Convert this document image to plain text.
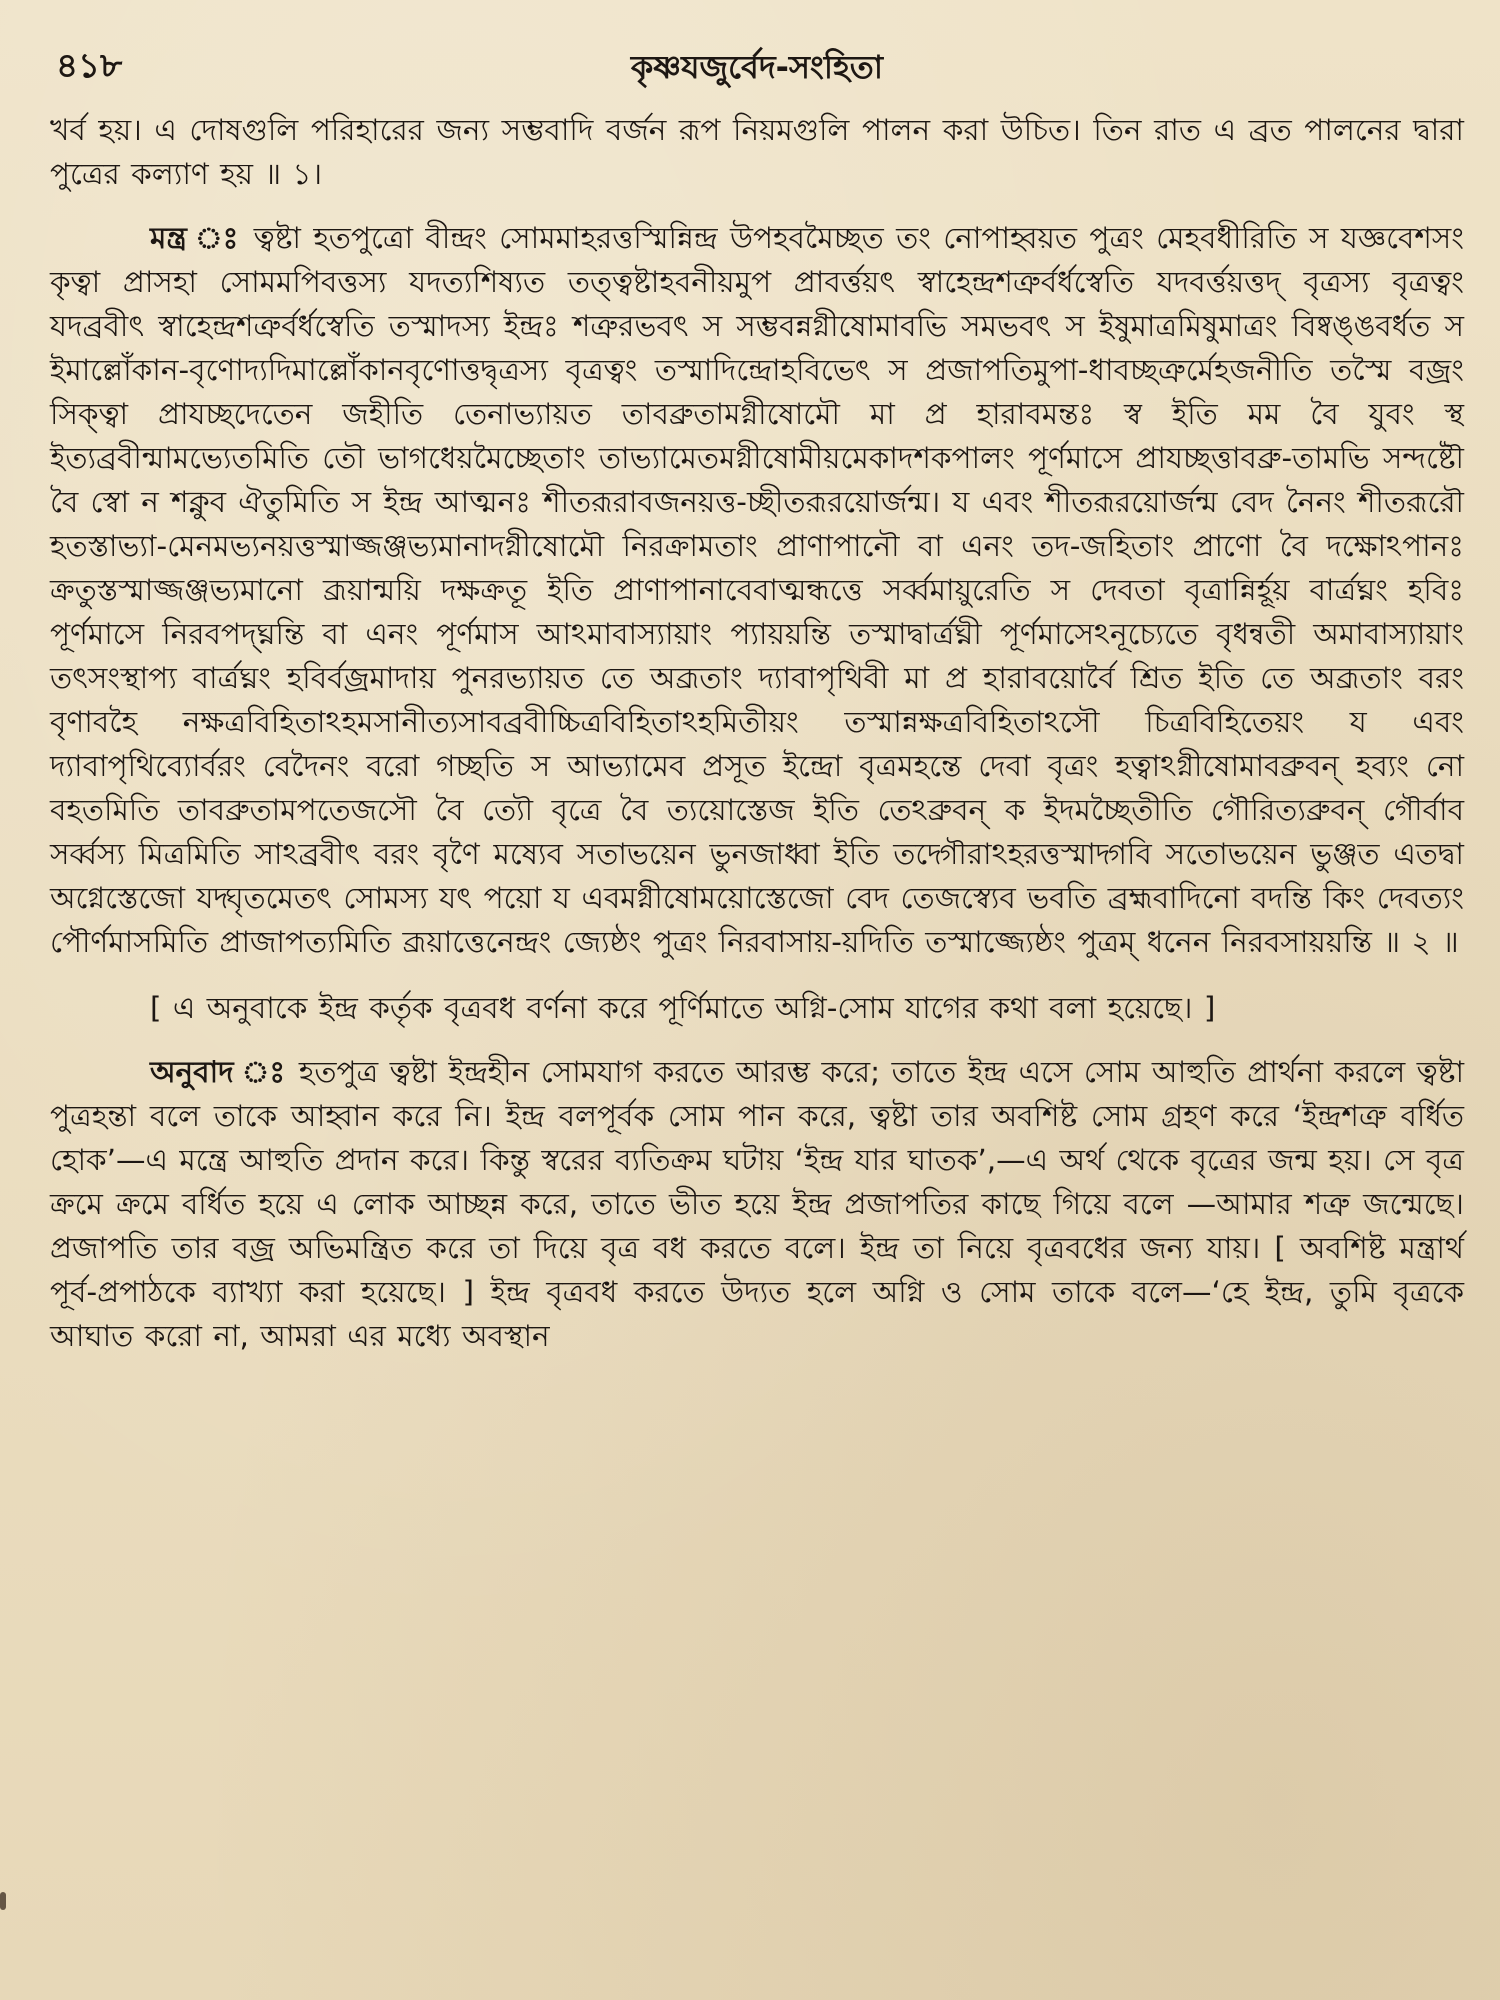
৪১৮	কৃষ্ণযজুর্বেদ-সংহিতা

খর্ব হয়। এ দোষগুলি পরিহারের জন্য সম্ভবাদি বর্জন রূপ নিয়মগুলি পালন করা উচিত। তিন রাত এ ব্রত পালনের দ্বারা পুত্রের কল্যাণ হয় ॥ ১।

মন্ত্র ঃ ত্বষ্টা হতপুত্রো বীন্দ্রং সোমমাহরত্তস্মিন্নিন্দ্র উপহবমৈচ্ছত তং নোপাহ্বয়ত পুত্রং মেহবধীরিতি স যজ্ঞবেশসং কৃত্বা প্রাসহা সোমমপিবত্তস্য যদত্যশিষ্যত তত্ত্বষ্টাহবনীয়মুপ প্রাবর্ত্তয়ৎ স্বাহেন্দ্রশত্রুর্বর্ধস্বেতি যদবর্ত্তয়ত্তদ্ বৃত্রস্য বৃত্রত্বং যদব্রবীৎ স্বাহেন্দ্রশত্রুর্বর্ধস্বেতি তস্মাদস্য ইন্দ্রঃ শত্রুরভবৎ স সম্ভবন্নগ্নীষোমাবভি সমভবৎ স ইষুমাত্রমিষুমাত্রং বিষ্বঙ্ঙবর্ধত স ইমাল্লোঁকান-বৃণোদ্যদিমাল্লোঁকানবৃণোত্তদ্বৃত্রস্য বৃত্রত্বং তস্মাদিন্দ্রোহবিভেৎ স প্রজাপতিমুপা-ধাবচ্ছত্রুর্মেহজনীতি তস্মৈ বজ্রং সিক্ত্বা প্রাযচ্ছদেতেন জহীতি তেনাভ্যায়ত তাবব্রুতামগ্নীষোমৌ মা প্র হারাবমন্তঃ স্ব ইতি মম বৈ যুবং স্থ ইত্যব্রবীন্মামভ্যেতমিতি তৌ ভাগধেয়মৈচ্ছেতাং তাভ্যামেতমগ্নীষোমীয়মেকাদশকপালং পূর্ণমাসে প্রাযচ্ছত্তাবব্রু-তামভি সন্দষ্টৌ বৈ স্বো ন শক্নুব ঐতুমিতি স ইন্দ্র আত্মনঃ শীতরূরাবজনয়ত্ত-চ্ছীতরূরয়োর্জন্ম। য এবং শীতরূরয়োর্জন্ম বেদ নৈনং শীতরূরৌ হতস্তাভ্যা-মেনমভ্যনয়ত্তস্মাজ্জঞ্জভ্যমানাদগ্নীষোমৌ নিরক্রামতাং প্রাণাপানৌ বা এনং তদ-জহিতাং প্রাণো বৈ দক্ষোঽপানঃ ক্রতুস্তস্মাজ্জঞ্জভ্যমানো ব্রূয়ান্ময়ি দক্ষক্রতূ ইতি প্রাণাপানাবেবাত্মন্ধত্তে সর্ব্বমায়ুরেতি স দেবতা বৃত্রান্নির্হূয় বার্ত্রঘ্নং হবিঃ পূর্ণমাসে নিরবপদ্ঘ্নন্তি বা এনং পূর্ণমাস আঽমাবাস্যায়াং প্যায়য়ন্তি তস্মাদ্বার্ত্রঘ্নী পূর্ণমাসেঽনূচ্যেতে বৃধন্বতী অমাবাস্যায়াং তৎসংস্থাপ্য বার্ত্রঘ্নং হবির্বজ্রমাদায় পুনরভ্যায়ত তে অব্রূতাং দ্যাবাপৃথিবী মা প্র হারাবয়োর্বৈ শ্রিত ইতি তে অব্রূতাং বরং বৃণাবহৈ নক্ষত্রবিহিতাঽহমসানীত্যসাবব্রবীচ্চিত্রবিহিতাঽহমিতীয়ং তস্মান্নক্ষত্রবিহিতাঽসৌ চিত্রবিহিতেয়ং য এবং দ্যাবাপৃথিব্যোর্বরং বেদৈনং বরো গচ্ছতি স আভ্যামেব প্রসূত ইন্দ্রো বৃত্রমহন্তে দেবা বৃত্রং হত্বাঽগ্নীষোমাবব্রুবন্ হব্যং নো বহতমিতি তাবব্রুতামপতেজসৌ বৈ ত্যৌ বৃত্রে বৈ ত্যয়োস্তেজ ইতি তেঽব্রুবন্ ক ইদমচ্ছৈতীতি গৌরিত্যব্রুবন্ গৌর্বাব সর্ব্বস্য মিত্রমিতি সাঽব্রবীৎ বরং বৃণৈ মষ্যেব সতাভয়েন ভুনজাধ্বা ইতি তদ্গৌরাঽহরত্তস্মাদ্গবি সতোভয়েন ভুঞ্জত এতদ্বা অগ্নেস্তেজো যদ্ঘৃতমেতৎ সোমস্য যৎ পয়ো য এবমগ্নীষোময়োস্তেজো বেদ তেজস্ব্যেব ভবতি ব্রহ্মবাদিনো বদন্তি কিং দেবত্যং পৌর্ণমাসমিতি প্রাজাপত্যমিতি ব্রূয়াত্তেনেন্দ্রং জ্যেষ্ঠং পুত্রং নিরবাসায়-য়দিতি তস্মাজ্জ্যেষ্ঠং পুত্রম্ ধনেন নিরবসায়য়ন্তি ॥ ২ ॥

[ এ অনুবাকে ইন্দ্র কর্তৃক বৃত্রবধ বর্ণনা করে পূর্ণিমাতে অগ্নি-সোম যাগের কথা বলা হয়েছে। ]

অনুবাদ ঃ হতপুত্র ত্বষ্টা ইন্দ্রহীন সোমযাগ করতে আরম্ভ করে; তাতে ইন্দ্র এসে সোম আহুতি প্রার্থনা করলে ত্বষ্টা পুত্রহন্তা বলে তাকে আহ্বান করে নি। ইন্দ্র বলপূর্বক সোম পান করে, ত্বষ্টা তার অবশিষ্ট সোম গ্রহণ করে ‘ইন্দ্রশত্রু বর্ধিত হোক’—এ মন্ত্রে আহুতি প্রদান করে। কিন্তু স্বরের ব্যতিক্রম ঘটায় ‘ইন্দ্র যার ঘাতক’,—এ অর্থ থেকে বৃত্রের জন্ম হয়। সে বৃত্র ক্রমে ক্রমে বর্ধিত হয়ে এ লোক আচ্ছন্ন করে, তাতে ভীত হয়ে ইন্দ্র প্রজাপতির কাছে গিয়ে বলে —আমার শত্রু জন্মেছে। প্রজাপতি তার বজ্র অভিমন্ত্রিত করে তা দিয়ে বৃত্র বধ করতে বলে। ইন্দ্র তা নিয়ে বৃত্রবধের জন্য যায়। [ অবশিষ্ট মন্ত্রার্থ পূর্ব-প্রপাঠকে ব্যাখ্যা করা হয়েছে। ] ইন্দ্র বৃত্রবধ করতে উদ্যত হলে অগ্নি ও সোম তাকে বলে—‘হে ইন্দ্র, তুমি বৃত্রকে আঘাত করো না, আমরা এর মধ্যে অবস্থান
